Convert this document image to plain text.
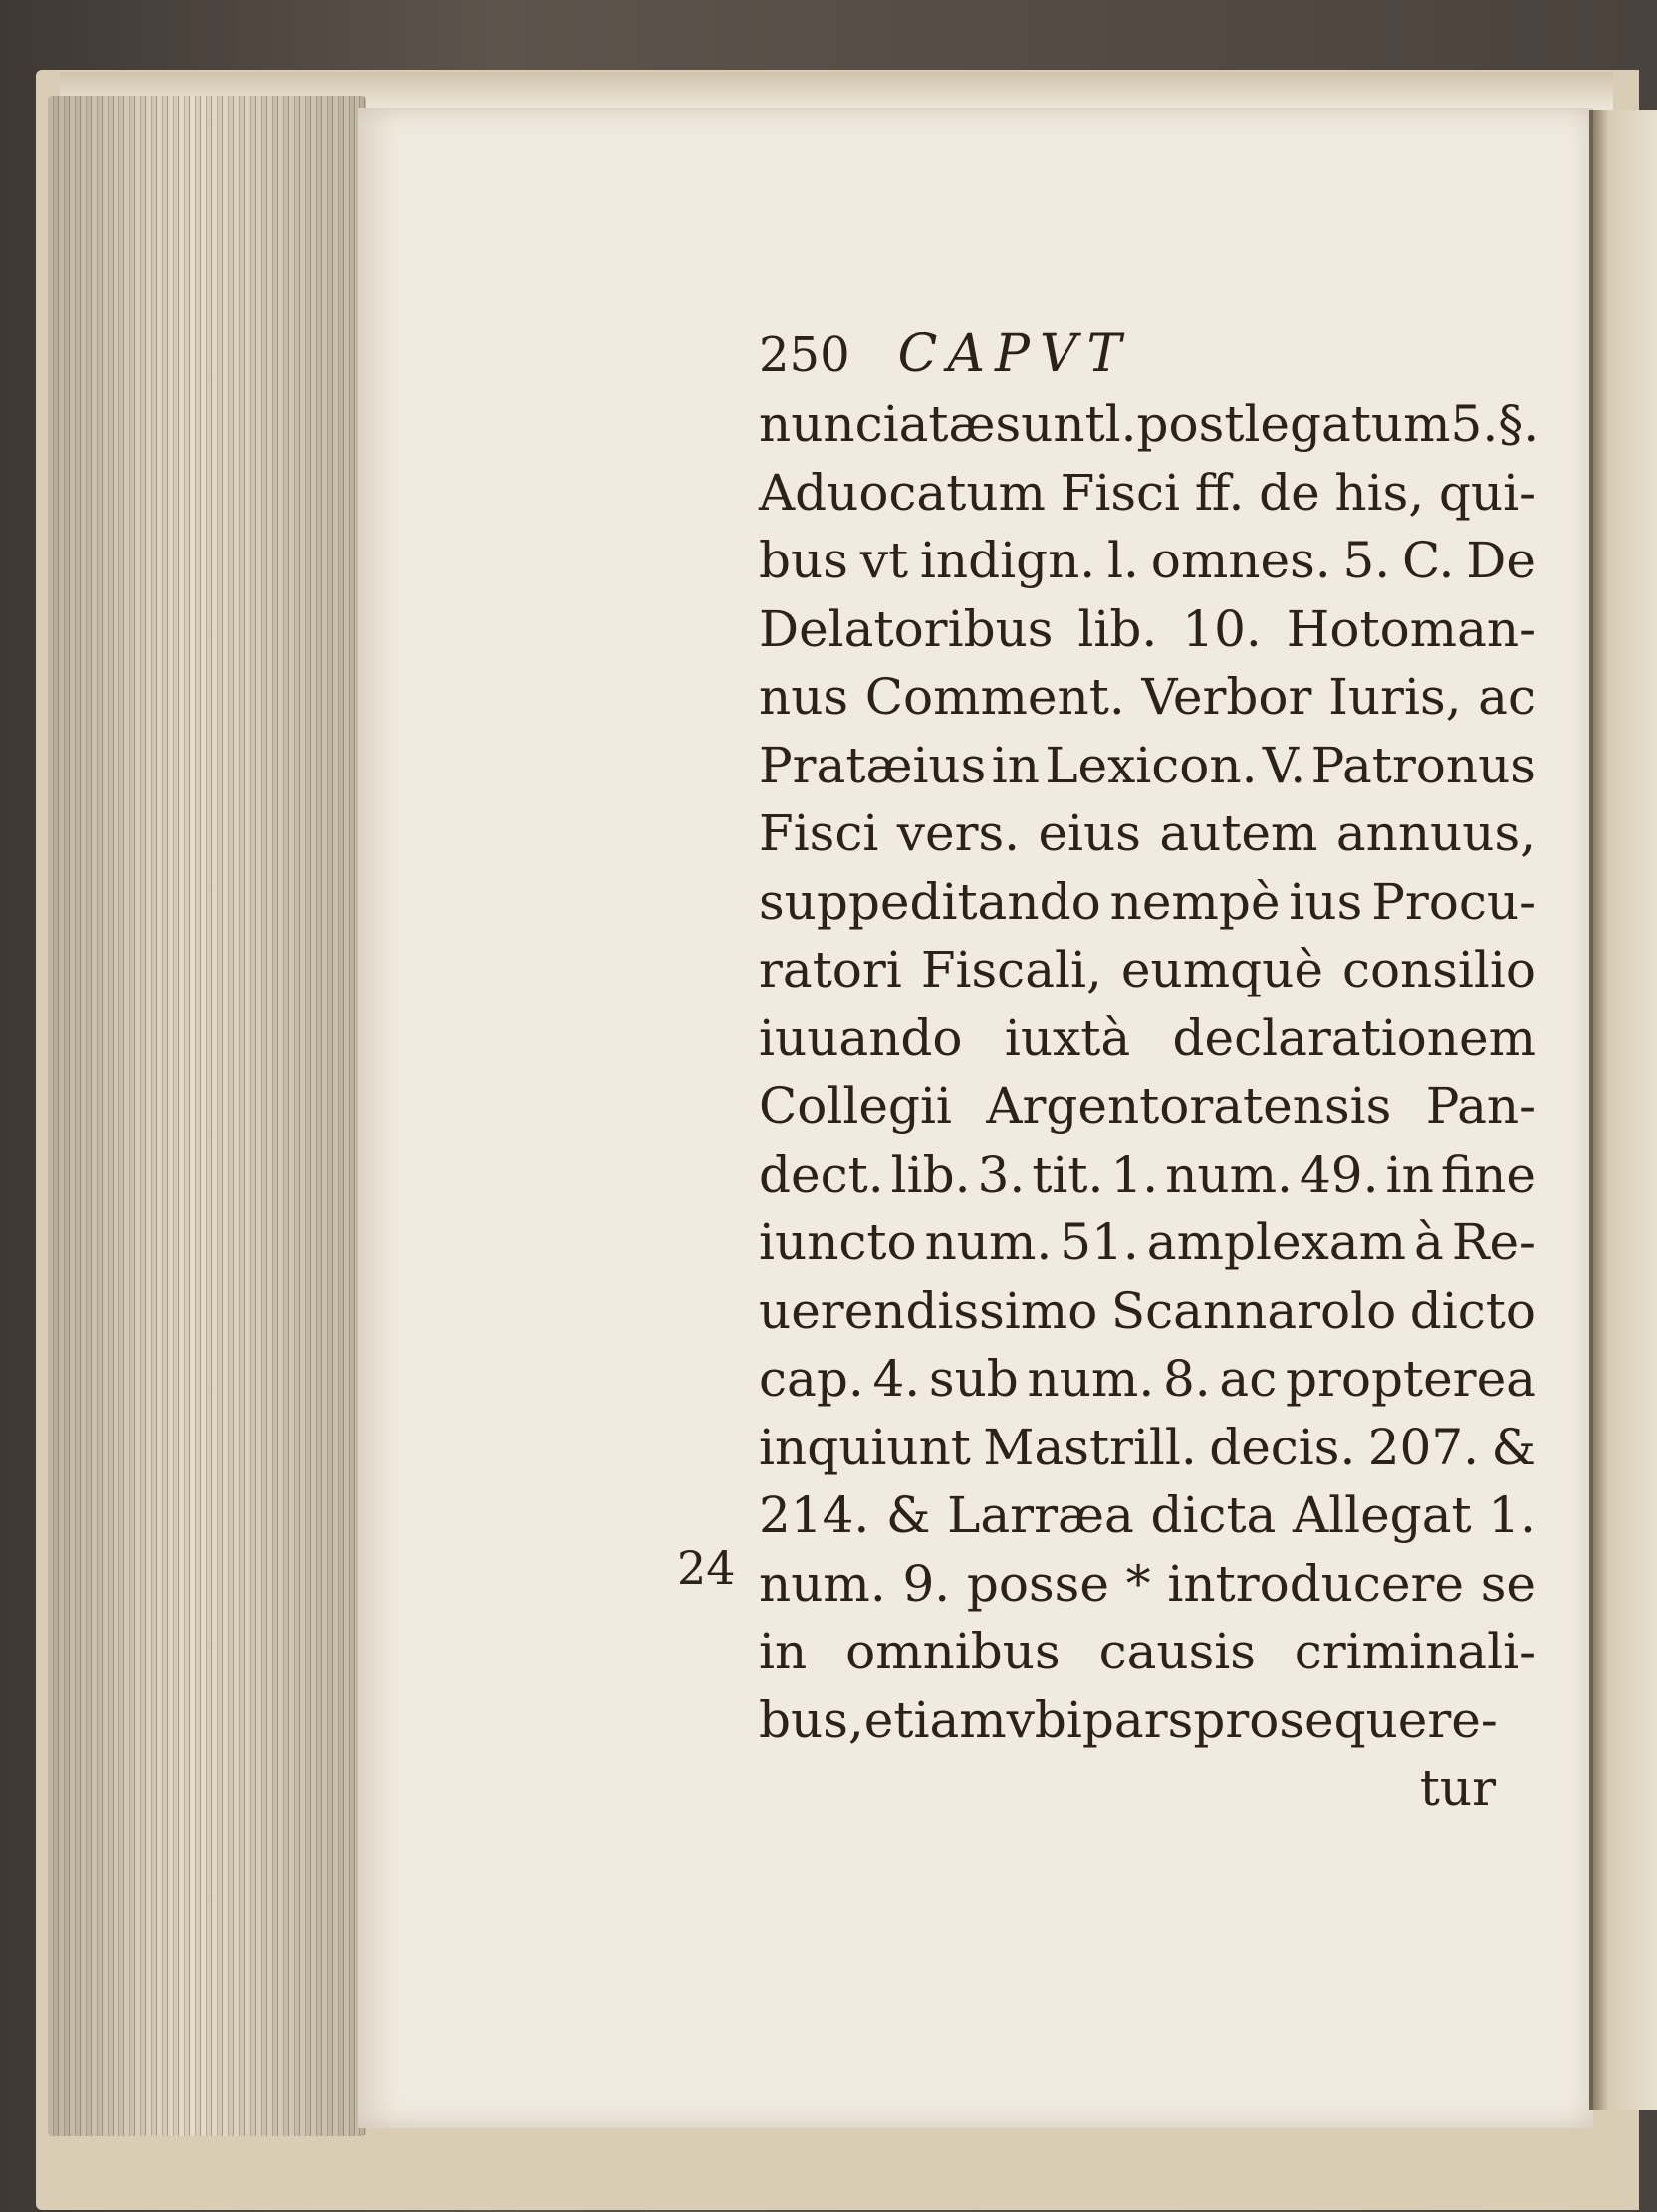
24
250 CAPVT
nunciatæ sunt l. post legatum 5.§.
Aduocatum Fisci ff. de his, qui-
bus vt indign. l. omnes. 5. C. De
Delatoribus lib. 10. Hotoman-
nus Comment. Verbor Iuris, ac
Pratæius in Lexicon. V. Patronus
Fisci vers. eius autem annuus,
suppeditando nempè ius Procu-
ratori Fiscali, eumquè consilio
iuuando iuxtà declarationem
Collegii Argentoratensis Pan-
dect. lib. 3. tit. 1. num. 49. in fine
iuncto num. 51. amplexam à Re-
uerendissimo Scannarolo dicto
cap. 4. sub num. 8. ac propterea
inquiunt Mastrill. decis. 207. &
214. & Larræa dicta Allegat 1.
num. 9. posse * introducere se
in omnibus causis criminali-
bus, etiam vbi pars prosequere-
tur
